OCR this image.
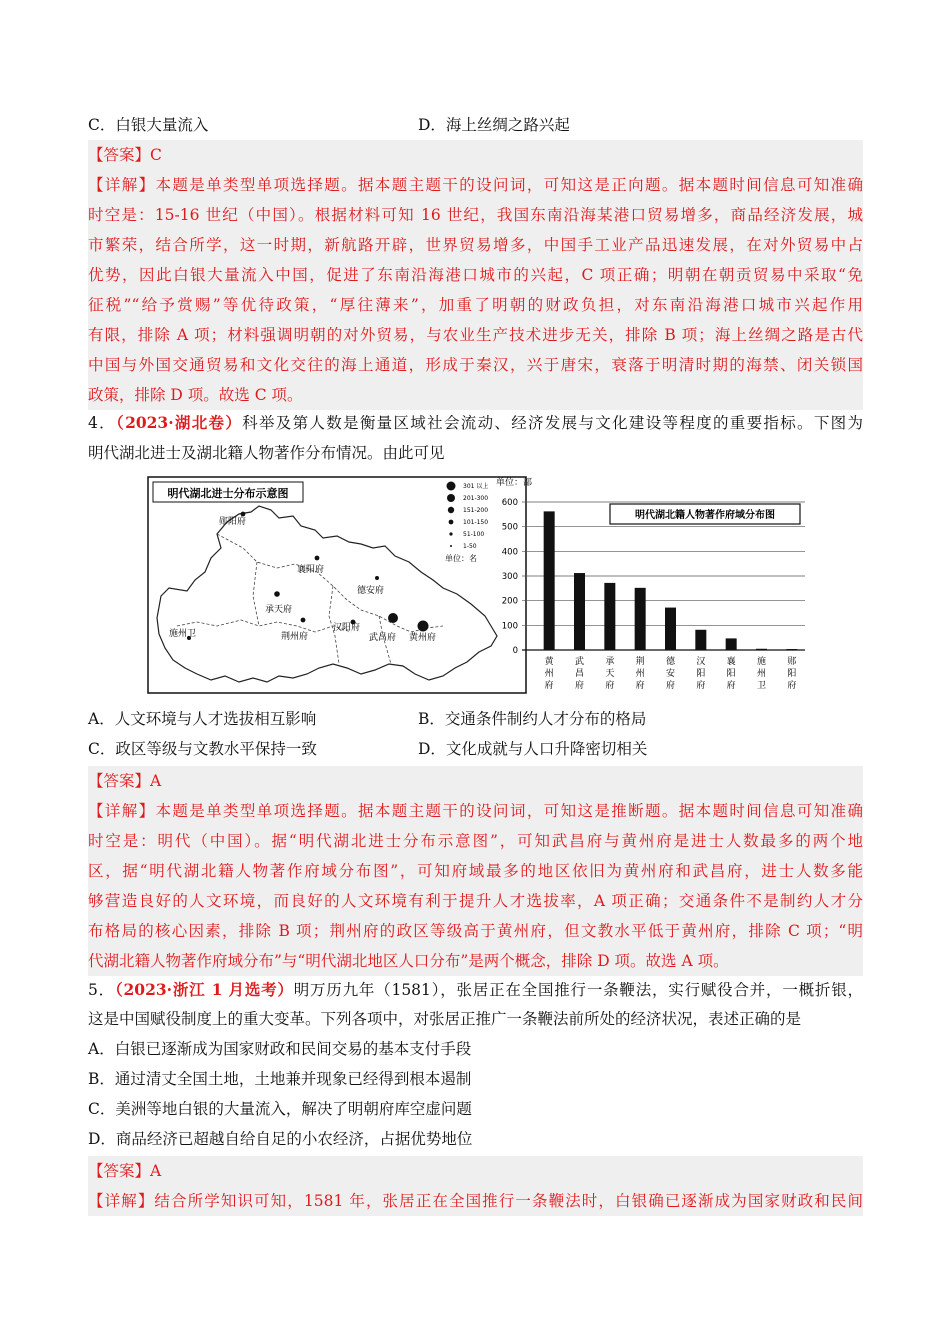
C．白银大量流入	D．海上丝绸之路兴起
【答案】C
【详解】本题是单类型单项选择题。据本题主题干的设问词，可知这是正向题。据本题时间信息可知准确
时空是：15-16 世纪（中国）。根据材料可知 16 世纪，我国东南沿海某港口贸易增多，商品经济发展，城
市繁荣，结合所学，这一时期，新航路开辟，世界贸易增多，中国手工业产品迅速发展，在对外贸易中占
优势，因此白银大量流入中国，促进了东南沿海港口城市的兴起，C 项正确；明朝在朝贡贸易中采取“免
征税”“给予赏赐”等优待政策，“厚往薄来”，加重了明朝的财政负担，对东南沿海港口城市兴起作用
有限，排除 A 项；材料强调明朝的对外贸易，与农业生产技术进步无关，排除 B 项；海上丝绸之路是古代
中国与外国交通贸易和文化交往的海上通道，形成于秦汉，兴于唐宋，衰落于明清时期的海禁、闭关锁国
政策，排除 D 项。故选 C 项。
4．（2023·湖北卷）科举及第人数是衡量区域社会流动、经济发展与文化建设等程度的重要指标。下图为
明代湖北进士及湖北籍人物著作分布情况。由此可见
明代湖北进士分布示意图
301 以上
201-300
151-200
101-150
51-100
1-50
单位：名
郧阳府
襄阳府
德安府
承天府
荆州府
汉阳府
武昌府 黄州府
施州卫
单位：部
0
100
200
300
400
500
600
黄州府
武昌府
承天府
荆州府
德安府
汉阳府
襄阳府
施州卫
郧阳府
明代湖北籍人物著作府域分布图
A．人文环境与人才选拔相互影响	B．交通条件制约人才分布的格局
C．政区等级与文教水平保持一致	D．文化成就与人口升降密切相关
【答案】A
【详解】本题是单类型单项选择题。据本题主题干的设问词，可知这是推断题。据本题时间信息可知准确
时空是：明代（中国）。据“明代湖北进士分布示意图”，可知武昌府与黄州府是进士人数最多的两个地
区，据“明代湖北籍人物著作府域分布图”，可知府域最多的地区依旧为黄州府和武昌府，进士人数多能
够营造良好的人文环境，而良好的人文环境有利于提升人才选拔率，A 项正确；交通条件不是制约人才分
布格局的核心因素，排除 B 项；荆州府的政区等级高于黄州府，但文教水平低于黄州府，排除 C 项；“明
代湖北籍人物著作府域分布”与“明代湖北地区人口分布”是两个概念，排除 D 项。故选 A 项。
5．（2023·浙江 1 月选考）明万历九年（1581），张居正在全国推行一条鞭法，实行赋役合并，一概折银，
这是中国赋役制度上的重大变革。下列各项中，对张居正推广一条鞭法前所处的经济状况，表述正确的是
A．白银已逐渐成为国家财政和民间交易的基本支付手段
B．通过清丈全国土地，土地兼并现象已经得到根本遏制
C．美洲等地白银的大量流入，解决了明朝府库空虚问题
D．商品经济已超越自给自足的小农经济，占据优势地位
【答案】A
【详解】结合所学知识可知，1581 年，张居正在全国推行一条鞭法时，白银确已逐渐成为国家财政和民间
